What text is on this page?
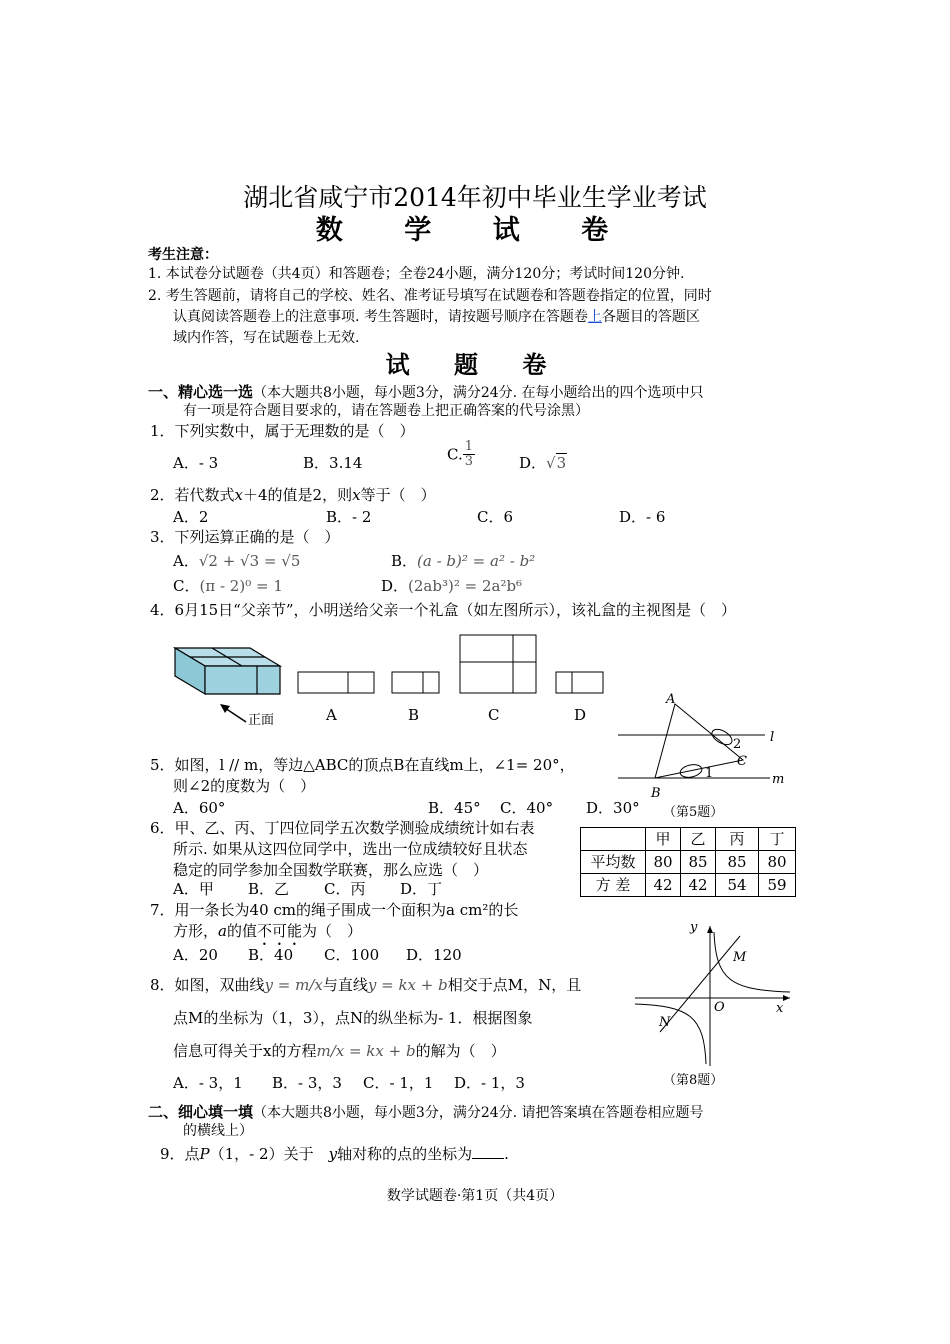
湖北省咸宁市2014年初中毕业生学业考试
数 学 试 卷
考生注意：
1. 本试卷分试题卷（共4页）和答题卷；全卷24小题，满分120分；考试时间120分钟.
2. 考生答题前，请将自己的学校、姓名、准考证号填写在试题卷和答题卷指定的位置，同时
认真阅读答题卷上的注意事项. 考生答题时，请按题号顺序在答题卷上各题目的答题区
域内作答，写在试题卷上无效.
试 题 卷
一、精心选一选（本大题共8小题，每小题3分，满分24分. 在每小题给出的四个选项中只
有一项是符合题目要求的，请在答题卷上把正确答案的代号涂黑）
1．下列实数中，属于无理数的是（　）
A．- 3	B．3.14	C. $\frac{1}{3}$	D．√3
2．若代数式x＋4的值是2，则x等于（　）
A．2	B．- 2	C．6	D．- 6
3．下列运算正确的是（　）
A．√2 + √3 = √5	B．(a - b)² = a² - b²
C．(π - 2)⁰ = 1	D．(2ab³)² = 2a²b⁶
4．6月15日“父亲节”，小明送给父亲一个礼盒（如左图所示），该礼盒的主视图是（　）
正面	A	B	C	D
A
B
C
l
m
2
1
（第5题）
5．如图，l // m，等边△ABC的顶点B在直线m上，∠1= 20°，
则∠2的度数为（　）
A．60°	B．45° C．40° D．30°
6．甲、乙、丙、丁四位同学五次数学测验成绩统计如右表
所示. 如果从这四位同学中，选出一位成绩较好且状态
稳定的同学参加全国数学联赛，那么应选（　）
A．甲 B．乙 C．丙 D．丁
	甲	乙	丙	丁
平均数	80	85	85	80
方 差	42	42	54	59
7．用一条长为40 cm的绳子围成一个面积为a cm²的长
方形，a的值不可能为（　）
A．20 B．40 C．100 D．120
y
x
O
M
N
（第8题）
8．如图，双曲线y = m/x与直线y = kx + b相交于点M，N，且
点M的坐标为（1，3），点N的纵坐标为- 1．根据图象
信息可得关于x的方程m/x = kx + b的解为（　）
A．- 3，1 B．- 3，3 C．- 1，1 D．- 1，3
二、细心填一填（本大题共8小题，每小题3分，满分24分. 请把答案填在答题卷相应题号
的横线上）
9．点P（1，- 2）关于　y轴对称的点的坐标为 .
数学试题卷·第1页（共4页）
